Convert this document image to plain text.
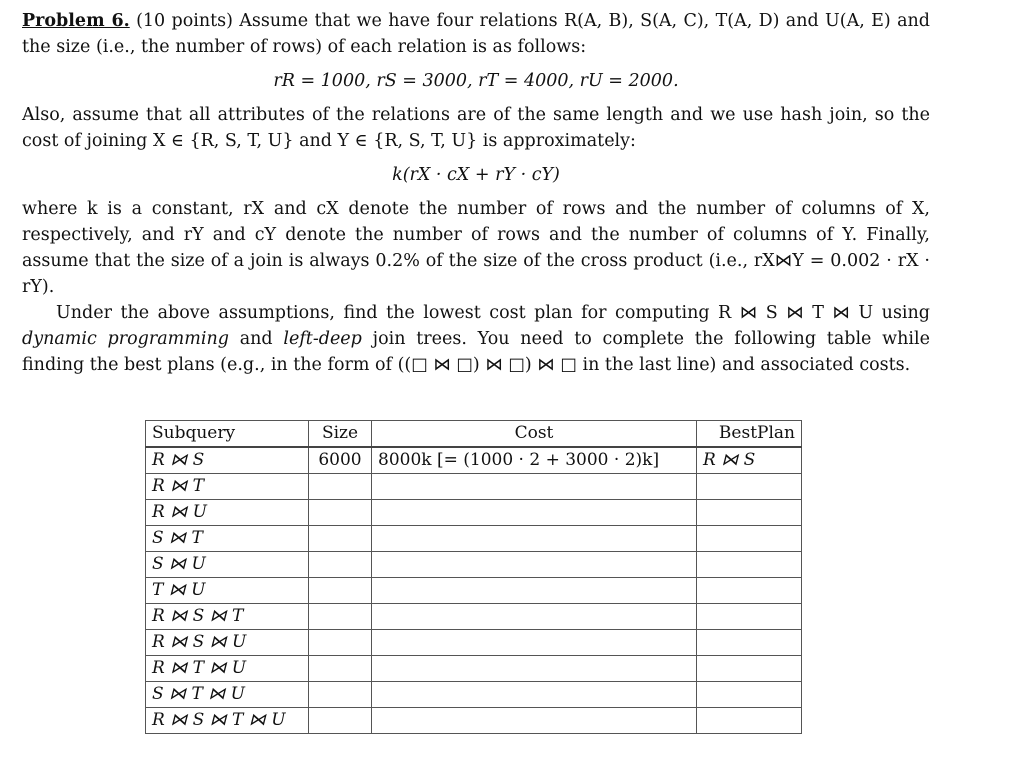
Problem 6. (10 points) Assume that we have four relations R(A, B), S(A, C), T(A, D) and U(A, E) and the size (i.e., the number of rows) of each relation is as follows:

rR = 1000, rS = 3000, rT = 4000, rU = 2000.

Also, assume that all attributes of the relations are of the same length and we use hash join, so the cost of joining X ∈ {R, S, T, U} and Y ∈ {R, S, T, U} is approximately:

k(rX · cX + rY · cY)

where k is a constant, rX and cX denote the number of rows and the number of columns of X, respectively, and rY and cY denote the number of rows and the number of columns of Y. Finally, assume that the size of a join is always 0.2% of the size of the cross product (i.e., rX⋈Y = 0.002 · rX · rY).

Under the above assumptions, find the lowest cost plan for computing R ⋈ S ⋈ T ⋈ U using dynamic programming and left-deep join trees. You need to complete the following table while finding the best plans (e.g., in the form of ((□ ⋈ □) ⋈ □) ⋈ □ in the last line) and associated costs.

Subquery	Size	Cost	BestPlan
R ⋈ S	6000	8000k [= (1000 · 2 + 3000 · 2)k]	R ⋈ S
R ⋈ T			
R ⋈ U			
S ⋈ T			
S ⋈ U			
T ⋈ U			
R ⋈ S ⋈ T			
R ⋈ S ⋈ U			
R ⋈ T ⋈ U			
S ⋈ T ⋈ U			
R ⋈ S ⋈ T ⋈ U			
